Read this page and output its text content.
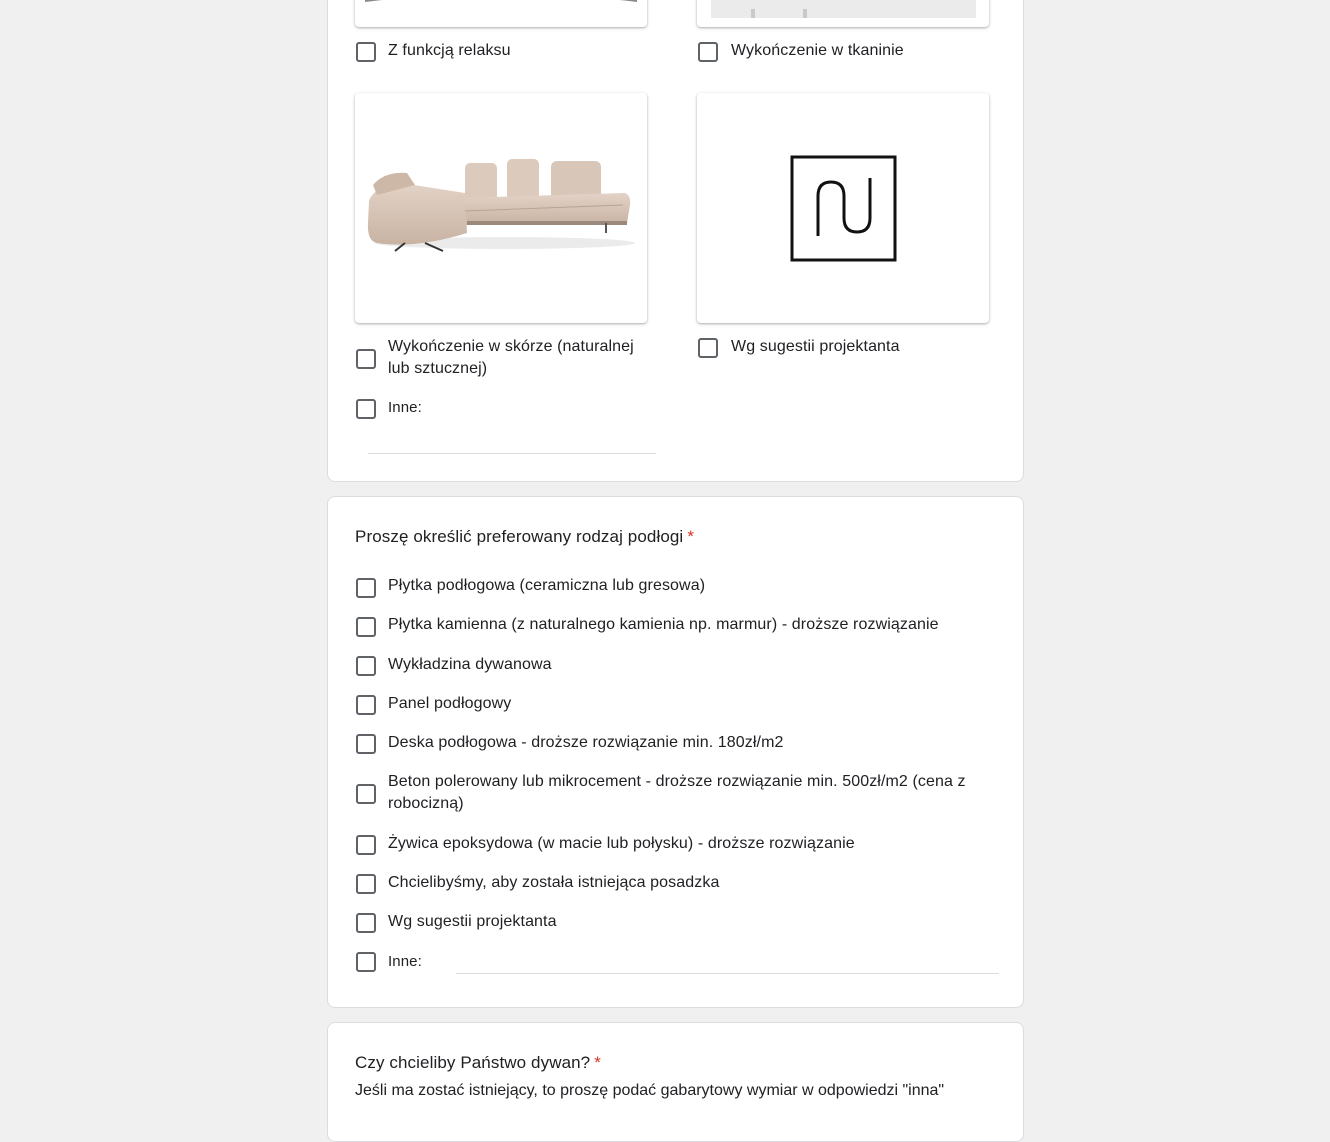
Z funkcją relaksu	Wykończenie w tkaninie
Wykończenie w skórze (naturalnej lub sztucznej)
Wg sugestii projektanta
Inne:
Proszę określić preferowany rodzaj podłogi *
Płytka podłogowa (ceramiczna lub gresowa)
Płytka kamienna (z naturalnego kamienia np. marmur) - droższe rozwiązanie
Wykładzina dywanowa
Panel podłogowy
Deska podłogowa - droższe rozwiązanie min. 180zł/m2
Beton polerowany lub mikrocement - droższe rozwiązanie min. 500zł/m2 (cena z robocizną)
Żywica epoksydowa (w macie lub połysku) - droższe rozwiązanie
Chcielibyśmy, aby została istniejąca posadzka
Wg sugestii projektanta
Inne:
Czy chcieliby Państwo dywan? *
Jeśli ma zostać istniejący, to proszę podać gabarytowy wymiar w odpowiedzi "inna"
